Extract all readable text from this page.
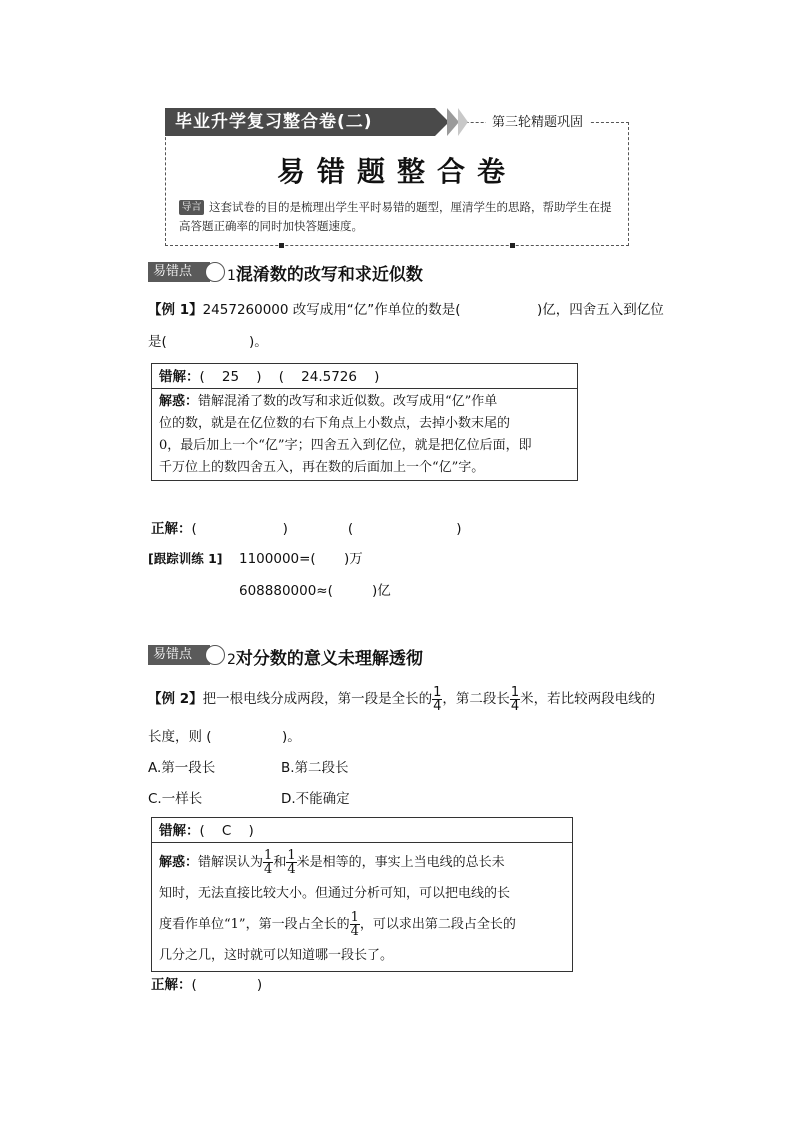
毕业升学复习整合卷(二)	第三轮精题巩固
易错题整合卷
这套试卷的目的是梳理出学生平时易错的题型，厘清学生的思路，帮助学生在提高答题正确率的同时加快答题速度。
导言
易错点	1混淆数的改写和求近似数
【例 1】2457260000 改写成用“亿”作单位的数是(	)亿，四舍五入到亿位
是(	)。
错解：(    25    )    (    24.5726    )
解惑：错解混淆了数的改写和求近似数。改写成用“亿”作单
位的数，就是在亿位数的右下角点上小数点，去掉小数末尾的
0，最后加上一个“亿”字；四舍五入到亿位，就是把亿位后面，即
千万位上的数四舍五入，再在数的后面加上一个“亿”字。
正解：(                    )              (                        )
[跟踪训练 1] 1100000=( )万
608880000≈(	)亿
易错点	2对分数的意义未理解透彻
【例 2】把一根电线分成两段，第一段是全长的 $\frac{1}{4}$ ，第二段长 $\frac{1}{4}$ 米，若比较两段电线的
长度，则 (	)。
A.第一段长	B.第二段长
C.一样长	D.不能确定
错解：(    C    )
解惑：错解误认为 $\frac{1}{4}$ 和 $\frac{1}{4}$ 米是相等的，事实上当电线的总长未
知时，无法直接比较大小。但通过分析可知，可以把电线的长
度看作单位“1”，第一段占全长的 $\frac{1}{4}$ ，可以求出第二段占全长的
几分之几，这时就可以知道哪一段长了。
正解：(              )
